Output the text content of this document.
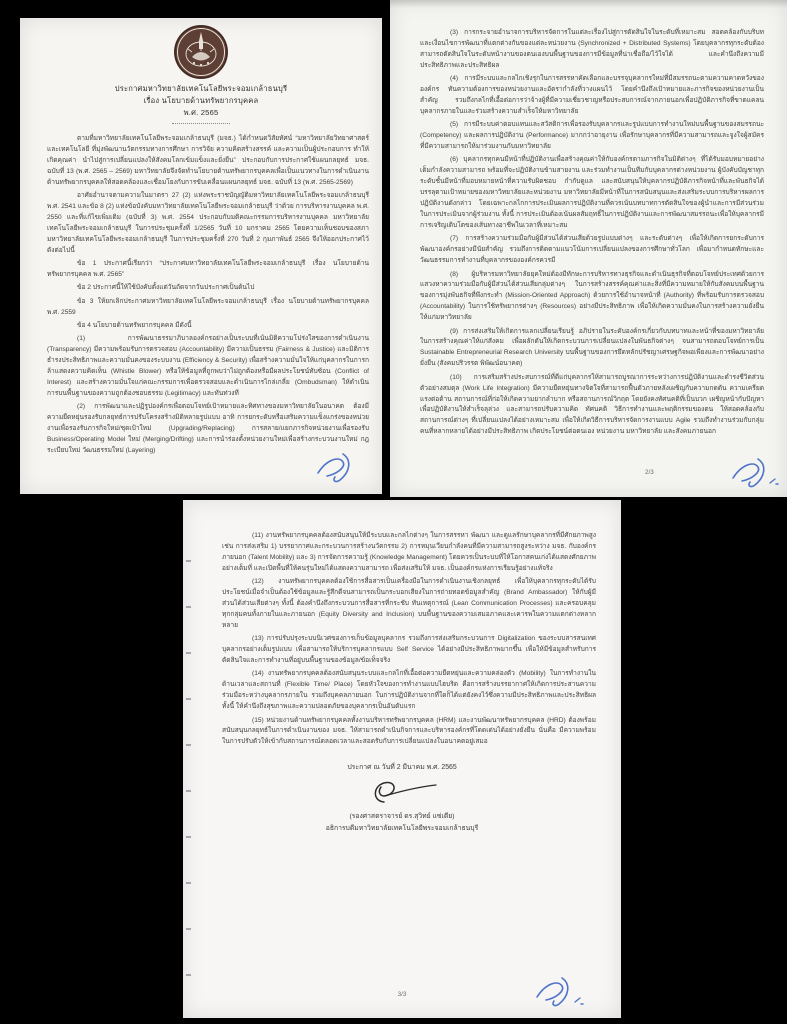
ประกาศมหาวิทยาลัยเทคโนโลยีพระจอมเกล้าธนบุรี
เรื่อง นโยบายด้านทรัพยากรบุคคล
พ.ศ. 2565

ตามที่มหาวิทยาลัยเทคโนโลยีพระจอมเกล้าธนบุรี (มจธ.) ได้กำหนดวิสัยทัศน์ “มหาวิทยาลัยวิทยาศาสตร์และเทคโนโลยี ที่มุ่งพัฒนานวัตกรรมทางการศึกษา การวิจัย ความคิดสร้างสรรค์ และความเป็นผู้ประกอบการ ทำให้เกิดคุณค่า นำไปสู่การเปลี่ยนแปลงให้สังคมโลกเข้มแข็งและยั่งยืน” ประกอบกับการประกาศใช้แผนกลยุทธ์ มจธ. ฉบับที่ 13 (พ.ศ. 2565 – 2569) มหาวิทยาลัยจึงจัดทำนโยบายด้านทรัพยากรบุคคลเพื่อเป็นแนวทางในการดำเนินงานด้านทรัพยากรบุคคลให้สอดคล้องและเชื่อมโยงกับการขับเคลื่อนแผนกลยุทธ์ มจธ. ฉบับที่ 13 (พ.ศ. 2565-2569)

อาศัยอำนาจตามความในมาตรา 27 (2) แห่งพระราชบัญญัติมหาวิทยาลัยเทคโนโลยีพระจอมเกล้าธนบุรี พ.ศ. 2541 และข้อ 8 (2) แห่งข้อบังคับมหาวิทยาลัยเทคโนโลยีพระจอมเกล้าธนบุรี ว่าด้วย การบริหารงานบุคคล พ.ศ. 2550 และที่แก้ไขเพิ่มเติม (ฉบับที่ 3) พ.ศ. 2554 ประกอบกับมติคณะกรรมการบริหารงานบุคคล มหาวิทยาลัยเทคโนโลยีพระจอมเกล้าธนบุรี ในการประชุมครั้งที่ 1/2565 วันที่ 10 มกราคม 2565 โดยความเห็นชอบของสภามหาวิทยาลัยเทคโนโลยีพระจอมเกล้าธนบุรี ในการประชุมครั้งที่ 270 วันที่ 2 กุมภาพันธ์ 2565 จึงให้ออกประกาศไว้ดังต่อไปนี้

ข้อ 1 ประกาศนี้เรียกว่า “ประกาศมหาวิทยาลัยเทคโนโลยีพระจอมเกล้าธนบุรี เรื่อง นโยบายด้านทรัพยากรบุคคล พ.ศ. 2565”

ข้อ 2 ประกาศนี้ให้ใช้บังคับตั้งแต่วันถัดจากวันประกาศเป็นต้นไป

ข้อ 3 ให้ยกเลิกประกาศมหาวิทยาลัยเทคโนโลยีพระจอมเกล้าธนบุรี เรื่อง นโยบายด้านทรัพยากรบุคคล พ.ศ. 2559

ข้อ 4 นโยบายด้านทรัพยากรบุคคล มีดังนี้

(1) การพัฒนาธรรมาภิบาลองค์กรอย่างเป็นระบบที่เน้นมิติความโปร่งใสของการดำเนินงาน (Transparency) มีความพร้อมรับการตรวจสอบ (Accountability) มีความเป็นธรรม (Fairness & Justice) และมิติการธำรงประสิทธิภาพและความมั่นคงของระบบงาน (Efficiency & Security) เพื่อสร้างความมั่นใจให้แก่บุคลากรในการกล้าแสดงความคิดเห็น (Whistle Blower) หรือให้ข้อมูลที่ถูกพบว่าไม่ถูกต้องหรือมีผลประโยชน์ทับซ้อน (Conflict of Interest) และสร้างความมั่นใจแก่คณะกรรมการเพื่อตรวจสอบและดำเนินการไกล่เกลี่ย (Ombudsman) ให้ดำเนินการบนพื้นฐานของความถูกต้องชอบธรรม (Legitimacy) และทันท่วงที

(2) การพัฒนาและปฏิรูปองค์กรเพื่อตอบโจทย์เป้าหมายและทิศทางของมหาวิทยาลัยในอนาคต ต้องมีความยืดหยุ่นรองรับกลยุทธ์การปรับโครงสร้างมิติหลายรูปแบบ อาทิ การยกระดับหรือเสริมความแข็งแกร่งของหน่วยงานเพื่อรองรับภารกิจใหม่/ชุดเป้าใหม่ (Upgrading/Replacing) การสลาย/แยกภารกิจหน่วยงานเพื่อรองรับ Business/Operating Model ใหม่ (Merging/Drifting) และการนำร่องตั้งหน่วยงานใหม่เพื่อสร้างกระบวนงานใหม่ กฎ ระเบียบใหม่ วัฒนธรรมใหม่ (Layering)

(3) การกระจายอำนาจการบริหารจัดการในแต่ละเรื่องไปสู่การตัดสินใจในระดับที่เหมาะสม สอดคล้องกับบริบทและเงื่อนไขการพัฒนาที่แตกต่างกันของแต่ละหน่วยงาน (Synchronized + Distributed Systems) โดยบุคลากรทุกระดับต้องสามารถตัดสินใจในระดับหน้างานของตนเองบนพื้นฐานของการมีข้อมูลที่น่าเชื่อถือ/ไว้ใจได้ และคำนึงถึงความมีประสิทธิภาพและประสิทธิผล

(4) การมีระบบและกลไกเชิงรุกในการสรรหาคัดเลือกและบรรจุบุคลากรใหม่ที่มีสมรรถนะตามความคาดหวังขององค์กร ทันความต้องการของหน่วยงานและอัตรากำลังที่วางแผนไว้ โดยคำนึงถึงเป้าหมายและภารกิจของหน่วยงานเป็นสำคัญ รวมถึงกลไกที่เอื้อต่อการว่าจ้างผู้ที่มีความเชี่ยวชาญหรือประสบการณ์จากภายนอกเพื่อปฏิบัติภารกิจที่ขาดแคลนบุคลากรภายในและร่วมสร้างความสำเร็จให้มหาวิทยาลัย

(5) การมีระบบค่าตอบแทนและสวัสดิการเพื่อรองรับบุคลากรและรูปแบบการทำงานใหม่บนพื้นฐานของสมรรถนะ (Competency) และผลการปฏิบัติงาน (Performance) มากกว่าอายุงาน เพื่อรักษาบุคลากรที่มีความสามารถและจูงใจผู้สมัครที่มีความสามารถให้มาร่วมงานกับมหาวิทยาลัย

(6) บุคลากรทุกคนมีหน้าที่ปฏิบัติงานเพื่อสร้างคุณค่าให้กับองค์กรตามภารกิจในมิติต่างๆ ที่ได้รับมอบหมายอย่างเต็มกำลังความสามารถ พร้อมที่จะปฏิบัติงานข้ามสายงาน และร่วมทำงานเป็นทีมกับบุคลากรต่างหน่วยงาน ผู้บังคับบัญชาทุกระดับชั้นมีหน้าที่มอบหมายหน้าที่ความรับผิดชอบ กำกับดูแล และสนับสนุนให้บุคลากรปฏิบัติภารกิจหน้าที่และพันธกิจได้บรรลุตามเป้าหมายของมหาวิทยาลัยและหน่วยงาน มหาวิทยาลัยมีหน้าที่ในการสนับสนุนและส่งเสริมระบบการบริหารผลการปฏิบัติงานดังกล่าว โดยเฉพาะกลไกการประเมินผลการปฏิบัติงานที่ควรเน้นบทบาทการตัดสินใจของผู้นำและการมีส่วนร่วมในการประเมินจากผู้ร่วมงาน ทั้งนี้ การประเมินต้องเน้นผลสัมฤทธิ์ในการปฏิบัติงานและการพัฒนาสมรรถนะเพื่อให้บุคลากรมีการเจริญเติบโตของเส้นทางอาชีพในเวลาที่เหมาะสม

(7) การสร้างความร่วมมือกับผู้มีส่วนได้ส่วนเสียด้วยรูปแบบต่างๆ และระดับต่างๆ เพื่อให้เกิดการยกระดับการพัฒนาองค์กรอย่างมีนัยสำคัญ รวมถึงการติดตามแนวโน้มการเปลี่ยนแปลงของการศึกษาทั่วโลก เพื่อมากำหนดทักษะและวัฒนธรรมการทำงานที่บุคลากรขององค์กรควรมี

(8) ผู้บริหารมหาวิทยาลัยยุคใหม่ต้องมีทักษะการบริหารทางธุรกิจและดำเนินธุรกิจที่ตอบโจทย์ประเทศด้วยการแสวงหาความร่วมมือกับผู้มีส่วนได้ส่วนเสียกลุ่มต่างๆ ในการสร้างสรรค์คุณค่าและสิ่งที่มีความหมายให้กับสังคมบนพื้นฐานของการมุ่งพันธกิจที่พึงกระทำ (Mission-Oriented Approach) ด้วยการใช้อำนาจหน้าที่ (Authority) ที่พร้อมรับการตรวจสอบ (Accountability) ในการใช้ทรัพยากรต่างๆ (Resources) อย่างมีประสิทธิภาพ เพื่อให้เกิดความมั่นคงในการสร้างความยั่งยืนให้แก่มหาวิทยาลัย

(9) การส่งเสริมให้เกิดการแลกเปลี่ยนเรียนรู้ อภิปรายในระดับองค์กรเกี่ยวกับบทบาทและหน้าที่ของมหาวิทยาลัยในการสร้างคุณค่าให้แก่สังคม เพื่อผลักดันให้เกิดกระบวนการเปลี่ยนแปลงในพันธกิจต่างๆ จนสามารถตอบโจทย์การเป็น Sustainable Entrepreneurial Research University บนพื้นฐานของการยึดหลักปรัชญาเศรษฐกิจพอเพียงและการพัฒนาอย่างยั่งยืน (สังคมปริวรรต พิพัฒน์อนาคต)

(10) การเสริมสร้างประสบการณ์ที่ดีแก่บุคลากรให้สามารถบูรณาการระหว่างการปฏิบัติงานและดำรงชีวิตส่วนตัวอย่างสมดุล (Work Life Integration) มีความยืดหยุ่นทางจิตใจที่สามารถฟื้นตัวภายหลังเผชิญกับความกดดัน ความเครียด แรงต่อต้าน สถานการณ์ที่ก่อให้เกิดความยากลำบาก หรือสถานการณ์วิกฤต โดยยังคงทัศนคติที่เป็นบวก เผชิญหน้ากับปัญหาเพื่อปฏิบัติงานให้สำเร็จลุล่วง และสามารถปรับความคิด ทัศนคติ วิธีการทำงานและพฤติกรรมของตน ให้สอดคล้องกับสถานการณ์ต่างๆ ที่เปลี่ยนแปลงได้อย่างเหมาะสม เพื่อให้เกิดวิธีการบริหารจัดการงานแบบ Agile รวมถึงทำงานร่วมกับกลุ่มคนที่หลากหลายได้อย่างมีประสิทธิภาพ เกิดประโยชน์ต่อตนเอง หน่วยงาน มหาวิทยาลัย และสังคมภายนอก

2/3

(11) งานทรัพยากรบุคคลต้องสนับสนุนให้มีระบบและกลไกต่างๆ ในการสรรหา พัฒนา และดูแลรักษาบุคลากรที่มีศักยภาพสูง เช่น การส่งเสริม 1) บรรยากาศและกระบวนการสร้างนวัตกรรม 2) การหมุนเวียนกำลังคนที่มีความสามารถสูงระหว่าง มจธ. กับองค์กรภายนอก (Talent Mobility) และ 3) การจัดการความรู้ (Knowledge Management) โดยควรเป็นระบบที่ให้โอกาสคนเก่งได้แสดงศักยภาพอย่างเต็มที่ และเปิดพื้นที่ให้คนรุ่นใหม่ได้แสดงความสามารถ เพื่อส่งเสริมให้ มจธ. เป็นองค์กรแห่งการเรียนรู้อย่างแท้จริง

(12) งานทรัพยากรบุคคลต้องใช้การสื่อสารเป็นเครื่องมือในการดำเนินงานเชิงกลยุทธ์ เพื่อให้บุคลากรทุกระดับได้รับประโยชน์เมื่อจำเป็นต้องใช้ข้อมูลและรู้สึกดีจนสามารถเป็นกระบอกเสียงในการถ่ายทอดข้อมูลสำคัญ (Brand Ambassador) ให้กับผู้มีส่วนได้ส่วนเสียต่างๆ ทั้งนี้ ต้องคำนึงถึงกระบวนการสื่อสารที่กระชับ ทันเหตุการณ์ (Lean Communication Processes) และครอบคลุมทุกกลุ่มคนทั้งภายในและภายนอก (Equity Diversity and Inclusion) บนพื้นฐานของความเสมอภาคและเคารพในความแตกต่างหลากหลาย

(13) การปรับปรุงระบบนิเวศของการเก็บข้อมูลบุคลากร รวมถึงการส่งเสริมกระบวนการ Digitalization ของระบบสารสนเทศบุคลากรอย่างเต็มรูปแบบ เพื่อสามารถให้บริการบุคลากรแบบ Self Service ได้อย่างมีประสิทธิภาพมากขึ้น เพื่อให้มีข้อมูลสำหรับการตัดสินใจและการทำงานที่อยู่บนพื้นฐานของข้อมูล/ข้อเท็จจริง

(14) งานทรัพยากรบุคคลต้องสนับสนุนระบบและกลไกที่เอื้อต่อความยืดหยุ่นและความคล่องตัว (Mobility) ในการทำงานในด้านเวลาและสถานที่ (Flexible Time/ Place) โดยหัวใจของการทำงานแบบไฮบริด คือการสร้างบรรยากาศให้เกิดการประสานความร่วมมือระหว่างบุคลากรภายใน รวมถึงบุคคลภายนอก ในการปฏิบัติงานจากที่ใดก็ได้แต่ยังคงไว้ซึ่งความมีประสิทธิภาพและประสิทธิผล ทั้งนี้ ให้คำนึงถึงสุขภาพและความปลอดภัยของบุคลากรเป็นอันดับแรก

(15) หน่วยงานด้านทรัพยากรบุคคลทั้งงานบริหารทรัพยากรบุคคล (HRM) และงานพัฒนาทรัพยากรบุคคล (HRD) ต้องพร้อมสนับสนุนกลยุทธ์ในการดำเนินงานของ มจธ. ให้สามารถดำเนินกิจการและบริหารองค์กรที่โดดเด่นได้อย่างยั่งยืน นั่นคือ มีความพร้อมในการปรับตัวให้เข้ากับสถานการณ์ตลอดเวลาและสอดรับกับการเปลี่ยนแปลงในอนาคตอยู่เสมอ

ประกาศ ณ วันที่ 2 มีนาคม พ.ศ. 2565
(รองศาสตราจารย์ ดร.สุวิทย์ แซ่เตีย)
อธิการบดีมหาวิทยาลัยเทคโนโลยีพระจอมเกล้าธนบุรี
3/3
